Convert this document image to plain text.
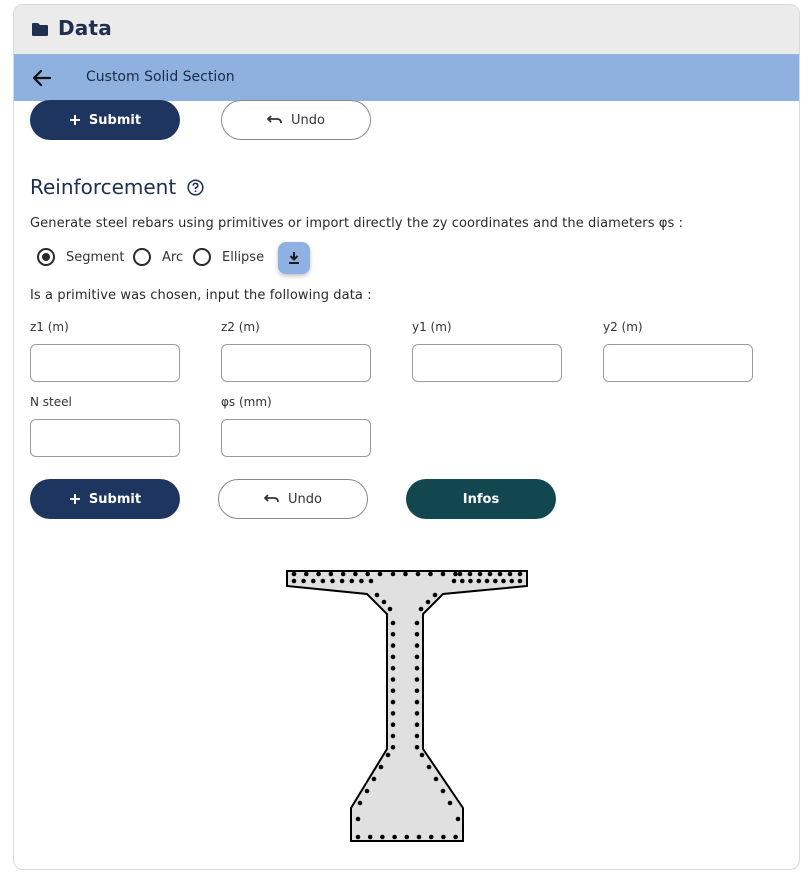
Data
Custom Solid Section
Submit	Undo
Reinforcement
Generate steel rebars using primitives or import directly the zy coordinates and the diameters φs :
Segment	Arc	Ellipse
Is a primitive was chosen, input the following data :
z1 (m)	z2 (m)	y1 (m)	y2 (m)
N steel	φs (mm)
Submit	Undo	Infos
